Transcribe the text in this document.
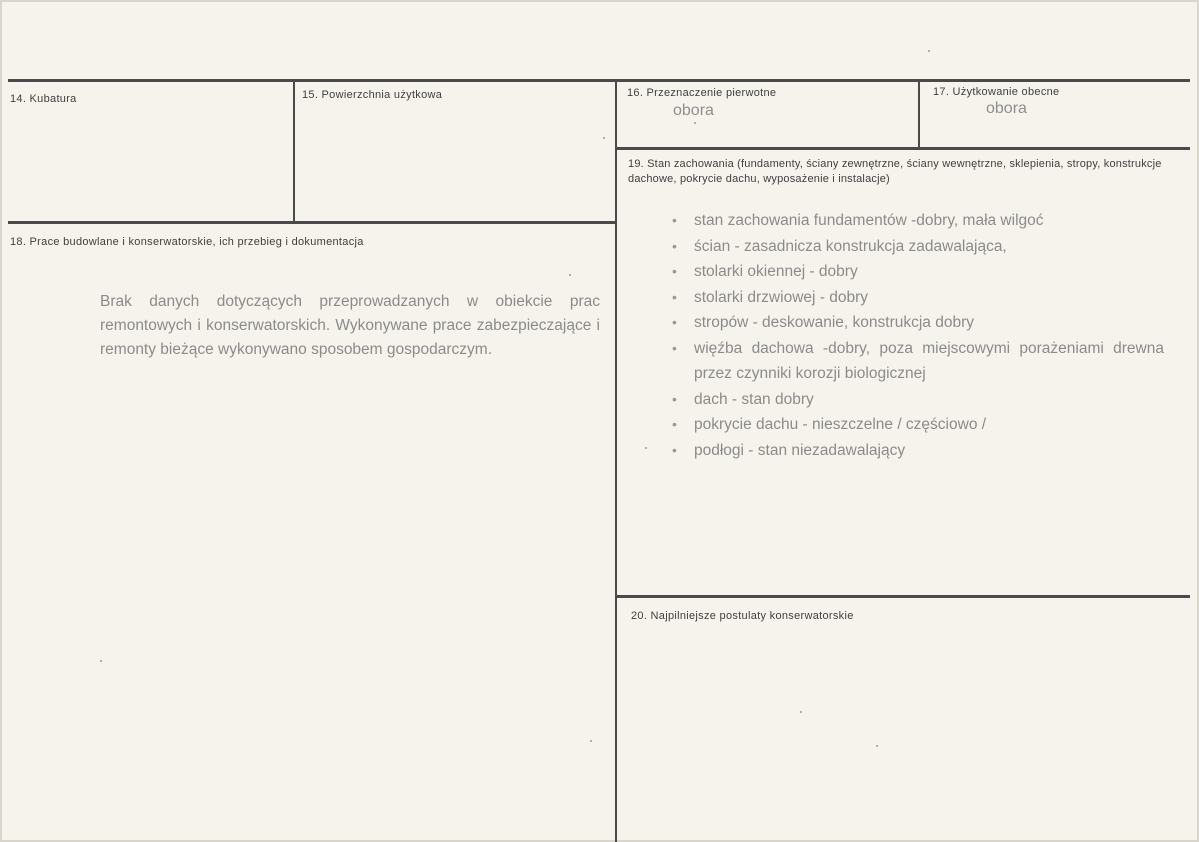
14. Kubatura	15. Powierzchnia użytkowa	16. Przeznaczenie pierwotne
obora
17. Użytkowanie obecne
obora
18. Prace budowlane i konserwatorskie, ich przebieg i dokumentacja
Brak danych dotyczących przeprowadzanych w obiekcie prac remontowych i konserwatorskich. Wykonywane prace zabezpieczające i remonty bieżące wykonywano sposobem gospodarczym.
19. Stan zachowania (fundamenty, ściany zewnętrzne, ściany wewnętrzne, sklepienia, stropy, konstrukcje dachowe, pokrycie dachu, wyposażenie i instalacje)
• stan zachowania fundamentów -dobry, mała wilgoć
• ścian - zasadnicza konstrukcja zadawalająca,
• stolarki okiennej - dobry
• stolarki drzwiowej - dobry
• stropów - deskowanie, konstrukcja dobry
• więźba dachowa -dobry, poza miejscowymi porażeniami drewna przez czynniki korozji biologicznej
• dach - stan dobry
• pokrycie dachu - nieszczelne / częściowo /
• podłogi - stan niezadawalający
20. Najpilniejsze postulaty konserwatorskie
